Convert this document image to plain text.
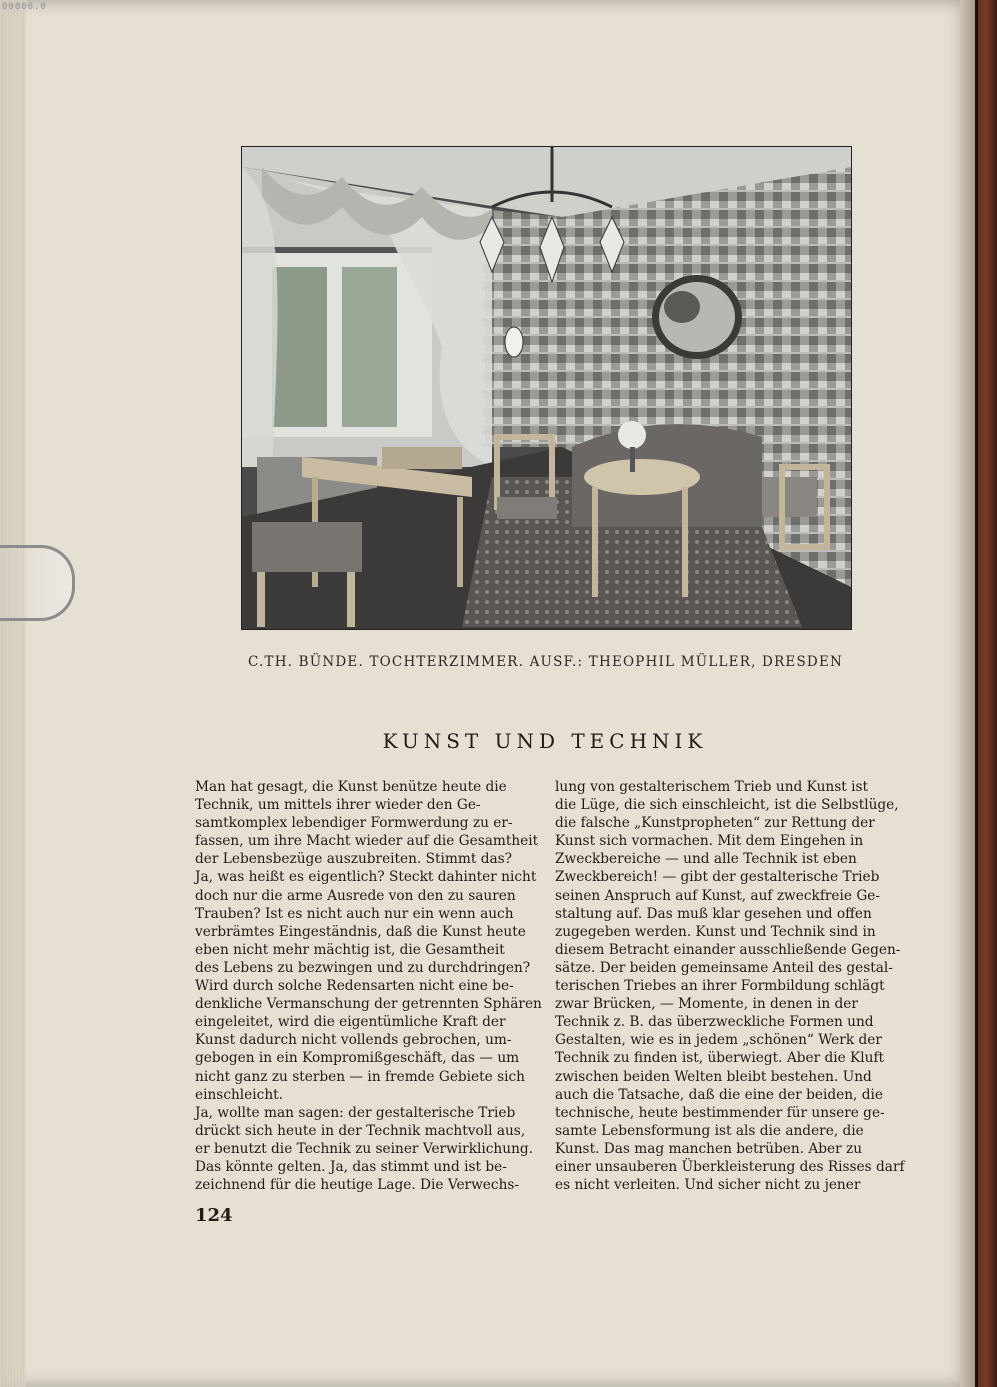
00000.0
C.TH. BÜNDE. TOCHTERZIMMER. AUSF.: THEOPHIL MÜLLER, DRESDEN
KUNST UND TECHNIK
Man hat gesagt, die Kunst benütze heute die
Technik, um mittels ihrer wieder den Ge-
samtkomplex lebendiger Formwerdung zu er-
fassen, um ihre Macht wieder auf die Gesamtheit
der Lebensbezüge auszubreiten. Stimmt das?
Ja, was heißt es eigentlich? Steckt dahinter nicht
doch nur die arme Ausrede von den zu sauren
Trauben? Ist es nicht auch nur ein wenn auch
verbrämtes Eingeständnis, daß die Kunst heute
eben nicht mehr mächtig ist, die Gesamtheit
des Lebens zu bezwingen und zu durchdringen?
Wird durch solche Redensarten nicht eine be-
denkliche Vermanschung der getrennten Sphären
eingeleitet, wird die eigentümliche Kraft der
Kunst dadurch nicht vollends gebrochen, um-
gebogen in ein Kompromißgeschäft, das — um
nicht ganz zu sterben — in fremde Gebiete sich
einschleicht.
Ja, wollte man sagen: der gestalterische Trieb
drückt sich heute in der Technik machtvoll aus,
er benutzt die Technik zu seiner Verwirklichung.
Das könnte gelten. Ja, das stimmt und ist be-
zeichnend für die heutige Lage. Die Verwechs-
lung von gestalterischem Trieb und Kunst ist
die Lüge, die sich einschleicht, ist die Selbstlüge,
die falsche „Kunstpropheten“ zur Rettung der
Kunst sich vormachen. Mit dem Eingehen in
Zweckbereiche — und alle Technik ist eben
Zweckbereich! — gibt der gestalterische Trieb
seinen Anspruch auf Kunst, auf zweckfreie Ge-
staltung auf. Das muß klar gesehen und offen
zugegeben werden. Kunst und Technik sind in
diesem Betracht einander ausschließende Gegen-
sätze. Der beiden gemeinsame Anteil des gestal-
terischen Triebes an ihrer Formbildung schlägt
zwar Brücken, — Momente, in denen in der
Technik z. B. das überzweckliche Formen und
Gestalten, wie es in jedem „schönen“ Werk der
Technik zu finden ist, überwiegt. Aber die Kluft
zwischen beiden Welten bleibt bestehen. Und
auch die Tatsache, daß die eine der beiden, die
technische, heute bestimmender für unsere ge-
samte Lebensformung ist als die andere, die
Kunst. Das mag manchen betrüben. Aber zu
einer unsauberen Überkleisterung des Risses darf
es nicht verleiten. Und sicher nicht zu jener
124
